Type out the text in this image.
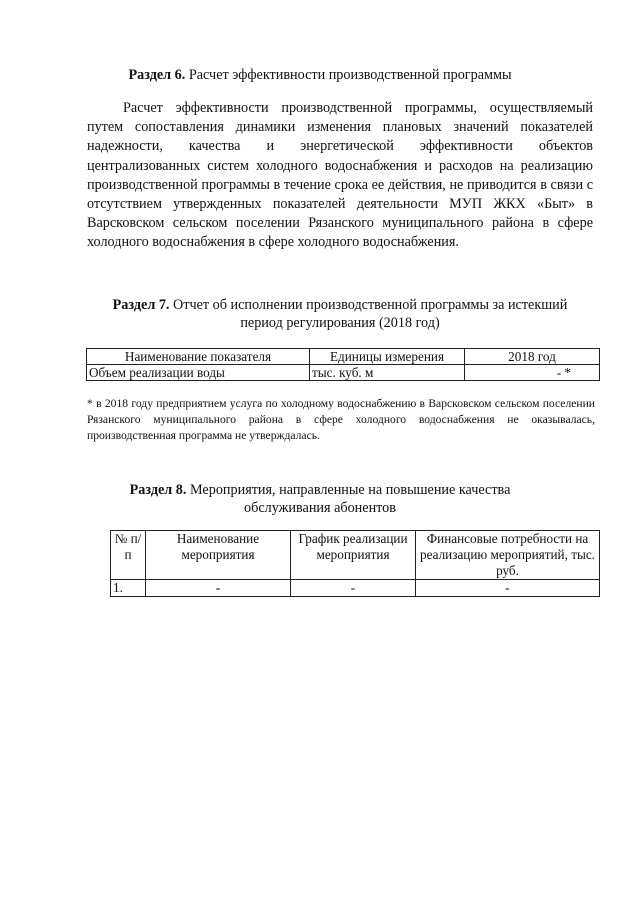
Раздел 6. Расчет эффективности производственной программы
Расчет эффективности производственной программы, осуществляемый путем сопоставления динамики изменения плановых значений показателей надежности, качества и энергетической эффективности объектов централизованных систем холодного водоснабжения и расходов на реализацию производственной программы в течение срока ее действия, не приводится в связи с отсутствием утвержденных показателей деятельности МУП ЖКХ «Быт» в Варсковском сельском поселении Рязанского муниципального района в сфере холодного водоснабжения в сфере холодного водоснабжения.
Раздел 7. Отчет об исполнении производственной программы за истекший
период регулирования (2018 год)
Наименование показателя	Единицы измерения	2018 год
Объем реализации воды	тыс. куб. м	- *
* в 2018 году предприятием услуга по холодному водоснабжению в Варсковском сельском поселении Рязанского муниципального района в сфере холодного водоснабжения не оказывалась, производственная программа не утверждалась.
Раздел 8. Мероприятия, направленные на повышение качества
обслуживания абонентов
№ п/п	Наименование мероприятия	График реализации мероприятия	Финансовые потребности на реализацию мероприятий, тыс. руб.
1.	-	-	-
